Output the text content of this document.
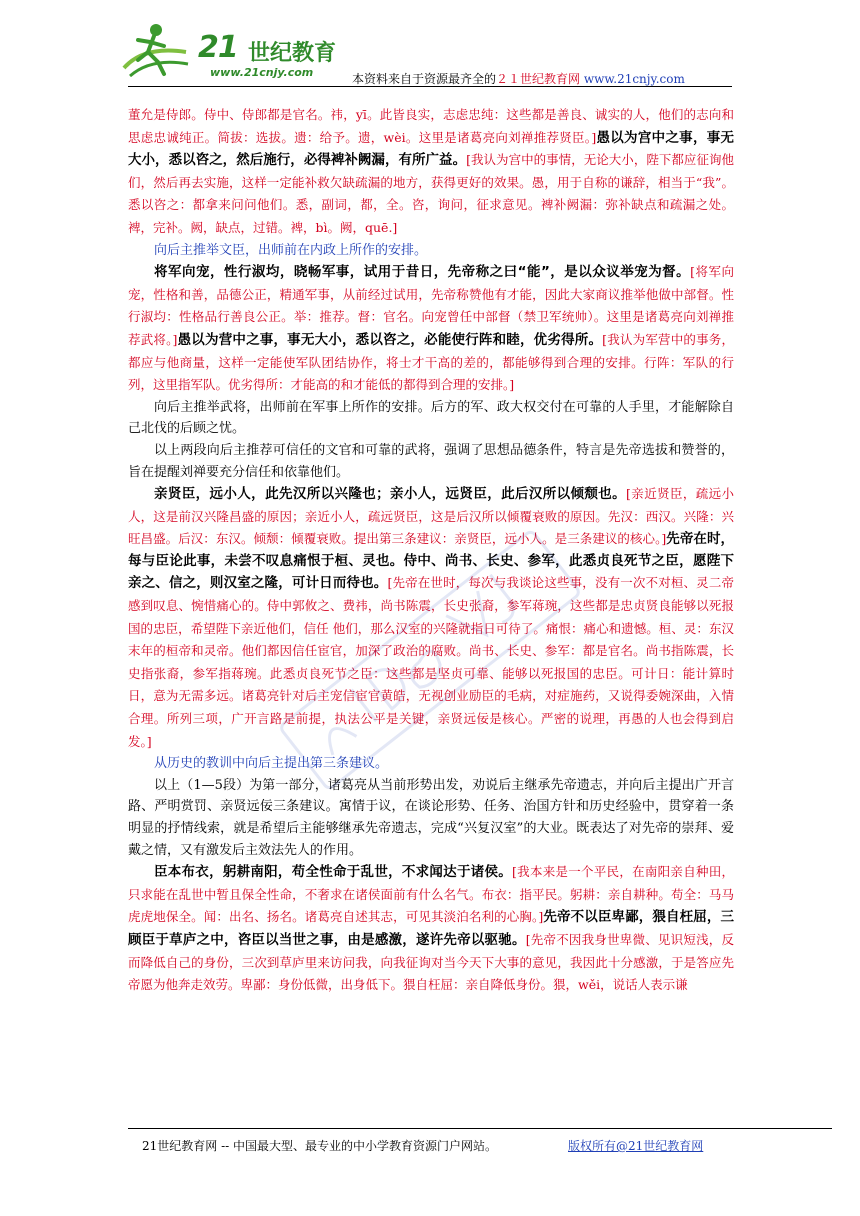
21 世纪教育
www.21cnjy.com	本资料来自于资源最齐全的２１世纪教育网 www.21cnjy.com

董允是侍郎。侍中、侍郎都是官名。祎，yī。此皆良实，志虑忠纯：这些都是善良、诚实的人，他们的志向和思虑忠诚纯正。简拔：选拔。遗：给予。遗，wèi。这里是诸葛亮向刘禅推荐贤臣。]愚以为宫中之事，事无大小，悉以咨之，然后施行，必得裨补阙漏，有所广益。[我认为宫中的事情，无论大小，陛下都应征询他们，然后再去实施，这样一定能补救欠缺疏漏的地方，获得更好的效果。愚，用于自称的谦辞，相当于“我”。悉以咨之：都拿来问问他们。悉，副词，都，全。咨，询问，征求意见。裨补阙漏：弥补缺点和疏漏之处。裨，完补。阙，缺点，过错。裨，bì。阙，quē.]

向后主推举文臣，出师前在内政上所作的安排。

将军向宠，性行淑均，晓畅军事，试用于昔日，先帝称之曰“能”，是以众议举宠为督。[将军向宠，性格和善，品德公正，精通军事，从前经过试用，先帝称赞他有才能，因此大家商议推举他做中部督。性行淑均：性格品行善良公正。举：推荐。督：官名。向宠曾任中部督（禁卫军统帅）。这里是诸葛亮向刘禅推荐武将。]愚以为营中之事，事无大小，悉以咨之，必能使行阵和睦，优劣得所。[我认为军营中的事务，都应与他商量，这样一定能使军队团结协作，将士才干高的差的，都能够得到合理的安排。行阵：军队的行列，这里指军队。优劣得所：才能高的和才能低的都得到合理的安排。]

向后主推举武将，出师前在军事上所作的安排。后方的军、政大权交付在可靠的人手里，才能解除自己北伐的后顾之忧。

以上两段向后主推荐可信任的文官和可靠的武将，强调了思想品德条件，特言是先帝选拔和赞誉的，旨在提醒刘禅要充分信任和依靠他们。

亲贤臣，远小人，此先汉所以兴隆也；亲小人，远贤臣，此后汉所以倾颓也。[亲近贤臣，疏远小人，这是前汉兴隆昌盛的原因；亲近小人，疏远贤臣，这是后汉所以倾覆衰败的原因。先汉：西汉。兴隆：兴旺昌盛。后汉：东汉。倾颓：倾覆衰败。提出第三条建议：亲贤臣，远小人。是三条建议的核心。]先帝在时，每与臣论此事，未尝不叹息痛恨于桓、灵也。侍中、尚书、长史、参军，此悉贞良死节之臣，愿陛下亲之、信之，则汉室之隆，可计日而待也。[先帝在世时，每次与我谈论这些事，没有一次不对桓、灵二帝感到叹息、惋惜痛心的。侍中郭攸之、费祎，尚书陈震，长史张裔，参军蒋琬，这些都是忠贞贤良能够以死报国的忠臣，希望陛下亲近他们，信任 他们，那么汉室的兴隆就指日可待了。痛恨：痛心和遗憾。桓、灵：东汉末年的桓帝和灵帝。他们都因信任宦官，加深了政治的腐败。尚书、长史、参军：都是官名。尚书指陈震，长史指张裔，参军指蒋琬。此悉贞良死节之臣：这些都是坚贞可靠、能够以死报国的忠臣。可计日：能计算时日，意为无需多远。诸葛亮针对后主宠信宦官黄皓，无视创业励臣的毛病，对症施药，又说得委婉深曲，入情合理。所列三项，广开言路是前提，执法公平是关键，亲贤远佞是核心。严密的说理，再愚的人也会得到启发。]

从历史的教训中向后主提出第三条建议。

以上（1—5段）为第一部分，诸葛亮从当前形势出发，劝说后主继承先帝遗志，并向后主提出广开言路、严明赏罚、亲贤远佞三条建议。寓情于议，在谈论形势、任务、治国方针和历史经验中，贯穿着一条明显的抒情线索，就是希望后主能够继承先帝遗志，完成“兴复汉室”的大业。既表达了对先帝的崇拜、爱戴之情，又有激发后主效法先人的作用。

臣本布衣，躬耕南阳，苟全性命于乱世，不求闻达于诸侯。[我本来是一个平民，在南阳亲自种田，只求能在乱世中暂且保全性命，不奢求在诸侯面前有什么名气。布衣：指平民。躬耕：亲自耕种。苟全：马马虎虎地保全。闻：出名、扬名。诸葛亮自述其志，可见其淡泊名利的心胸。]先帝不以臣卑鄙，猥自枉屈，三顾臣于草庐之中，咨臣以当世之事，由是感激，遂许先帝以驱驰。[先帝不因我身世卑微、见识短浅，反而降低自己的身份，三次到草庐里来访问我，向我征询对当今天下大事的意见，我因此十分感激，于是答应先帝愿为他奔走效劳。卑鄙：身份低微，出身低下。猥自枉屈：亲自降低身份。猥，wěi，说话人表示谦

21世纪教育网 -- 中国最大型、最专业的中小学教育资源门户网站。	版权所有@21世纪教育网
